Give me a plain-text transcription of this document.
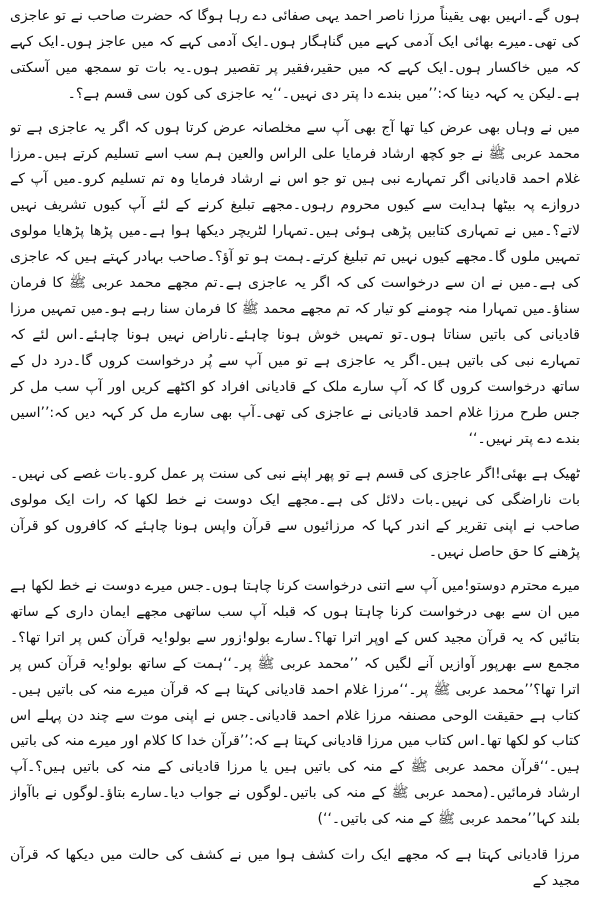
ہوں گے۔انہیں بھی یقیناً مرزا ناصر احمد یہی صفائی دے رہا ہوگا کہ حضرت صاحب نے تو عاجزی کی تھی۔میرے بھائی ایک آدمی کہے میں گناہگار ہوں۔ایک آدمی کہے کہ میں عاجز ہوں۔ایک کہے کہ میں خاکسار ہوں۔ایک کہے کہ میں حقیر،فقیر پر تقصیر ہوں۔یہ بات تو سمجھ میں آسکتی ہے۔لیکن یہ کہہ دینا کہ:’’میں بندے دا پتر دی نہیں۔‘‘یہ عاجزی کی کون سی قسم ہے؟۔

میں نے وہاں بھی عرض کیا تھا آج بھی آپ سے مخلصانہ عرض کرتا ہوں کہ اگر یہ عاجزی ہے تو محمد عربی ﷺ نے جو کچھ ارشاد فرمایا علی الراس والعین ہم سب اسے تسلیم کرتے ہیں۔مرزا غلام احمد قادیانی اگر تمہارے نبی ہیں تو جو اس نے ارشاد فرمایا وہ تم تسلیم کرو۔میں آپ کے دروازے پہ بیٹھا ہدایت سے کیوں محروم رہوں۔مجھے تبلیغ کرنے کے لئے آپ کیوں تشریف نہیں لاتے؟۔میں نے تمہاری کتابیں پڑھی ہوئی ہیں۔تمہارا لٹریچر دیکھا ہوا ہے۔میں پڑھا پڑھایا مولوی تمہیں ملوں گا۔مجھے کیوں نہیں تم تبلیغ کرتے۔ہمت ہو تو آؤ؟۔صاحب بہادر کہتے ہیں کہ عاجزی کی ہے۔میں نے ان سے درخواست کی کہ اگر یہ عاجزی ہے۔تم مجھے محمد عربی ﷺ کا فرمان سناؤ۔میں تمہارا منہ چومنے کو تیار کہ تم مجھے محمد ﷺ کا فرمان سنا رہے ہو۔میں تمہیں مرزا قادیانی کی باتیں سناتا ہوں۔تو تمہیں خوش ہونا چاہئے۔ناراض نہیں ہونا چاہئے۔اس لئے کہ تمہارے نبی کی باتیں ہیں۔اگر یہ عاجزی ہے تو میں آپ سے پُر درخواست کروں گا۔درد دل کے ساتھ درخواست کروں گا کہ آپ سارے ملک کے قادیانی افراد کو اکٹھے کریں اور آپ سب مل کر جس طرح مرزا غلام احمد قادیانی نے عاجزی کی تھی۔آپ بھی سارے مل کر کہہ دیں کہ:’’اسیں بندے دے پتر نہیں۔‘‘

ٹھیک ہے بھئی!اگر عاجزی کی قسم ہے تو پھر اپنے نبی کی سنت پر عمل کرو۔بات غصے کی نہیں۔بات ناراضگی کی نہیں۔بات دلائل کی ہے۔مجھے ایک دوست نے خط لکھا کہ رات ایک مولوی صاحب نے اپنی تقریر کے اندر کہا کہ مرزائیوں سے قرآن واپس ہونا چاہئے کہ کافروں کو قرآن پڑھنے کا حق حاصل نہیں۔

میرے محترم دوستو!میں آپ سے اتنی درخواست کرنا چاہتا ہوں۔جس میرے دوست نے خط لکھا ہے میں ان سے بھی درخواست کرنا چاہتا ہوں کہ قبلہ آپ سب ساتھی مجھے ایمان داری کے ساتھ بتائیں کہ یہ قرآن مجید کس کے اوپر اترا تھا؟۔سارے بولو!زور سے بولو!یہ قرآن کس پر اترا تھا؟۔مجمع سے بھرپور آوازیں آنے لگیں کہ ’’محمد عربی ﷺ پر۔‘‘ہمت کے ساتھ بولو!یہ قرآن کس پر اترا تھا؟’’محمد عربی ﷺ پر۔‘‘مرزا غلام احمد قادیانی کہتا ہے کہ قرآن میرے منہ کی باتیں ہیں۔کتاب ہے حقیقت الوحی مصنفہ مرزا غلام احمد قادیانی۔جس نے اپنی موت سے چند دن پہلے اس کتاب کو لکھا تھا۔اس کتاب میں مرزا قادیانی کہتا ہے کہ:’’قرآن خدا کا کلام اور میرے منہ کی باتیں ہیں۔‘‘قرآن محمد عربی ﷺ کے منہ کی باتیں ہیں یا مرزا قادیانی کے منہ کی باتیں ہیں؟۔آپ ارشاد فرمائیں۔(محمد عربی ﷺ کے منہ کی باتیں۔لوگوں نے جواب دیا۔سارے بتاؤ۔لوگوں نے باآواز بلند کہا’’محمد عربی ﷺ کے منہ کی باتیں۔‘‘)

مرزا قادیانی کہتا ہے کہ مجھے ایک رات کشف ہوا میں نے کشف کی حالت میں دیکھا کہ قرآن مجید کے
